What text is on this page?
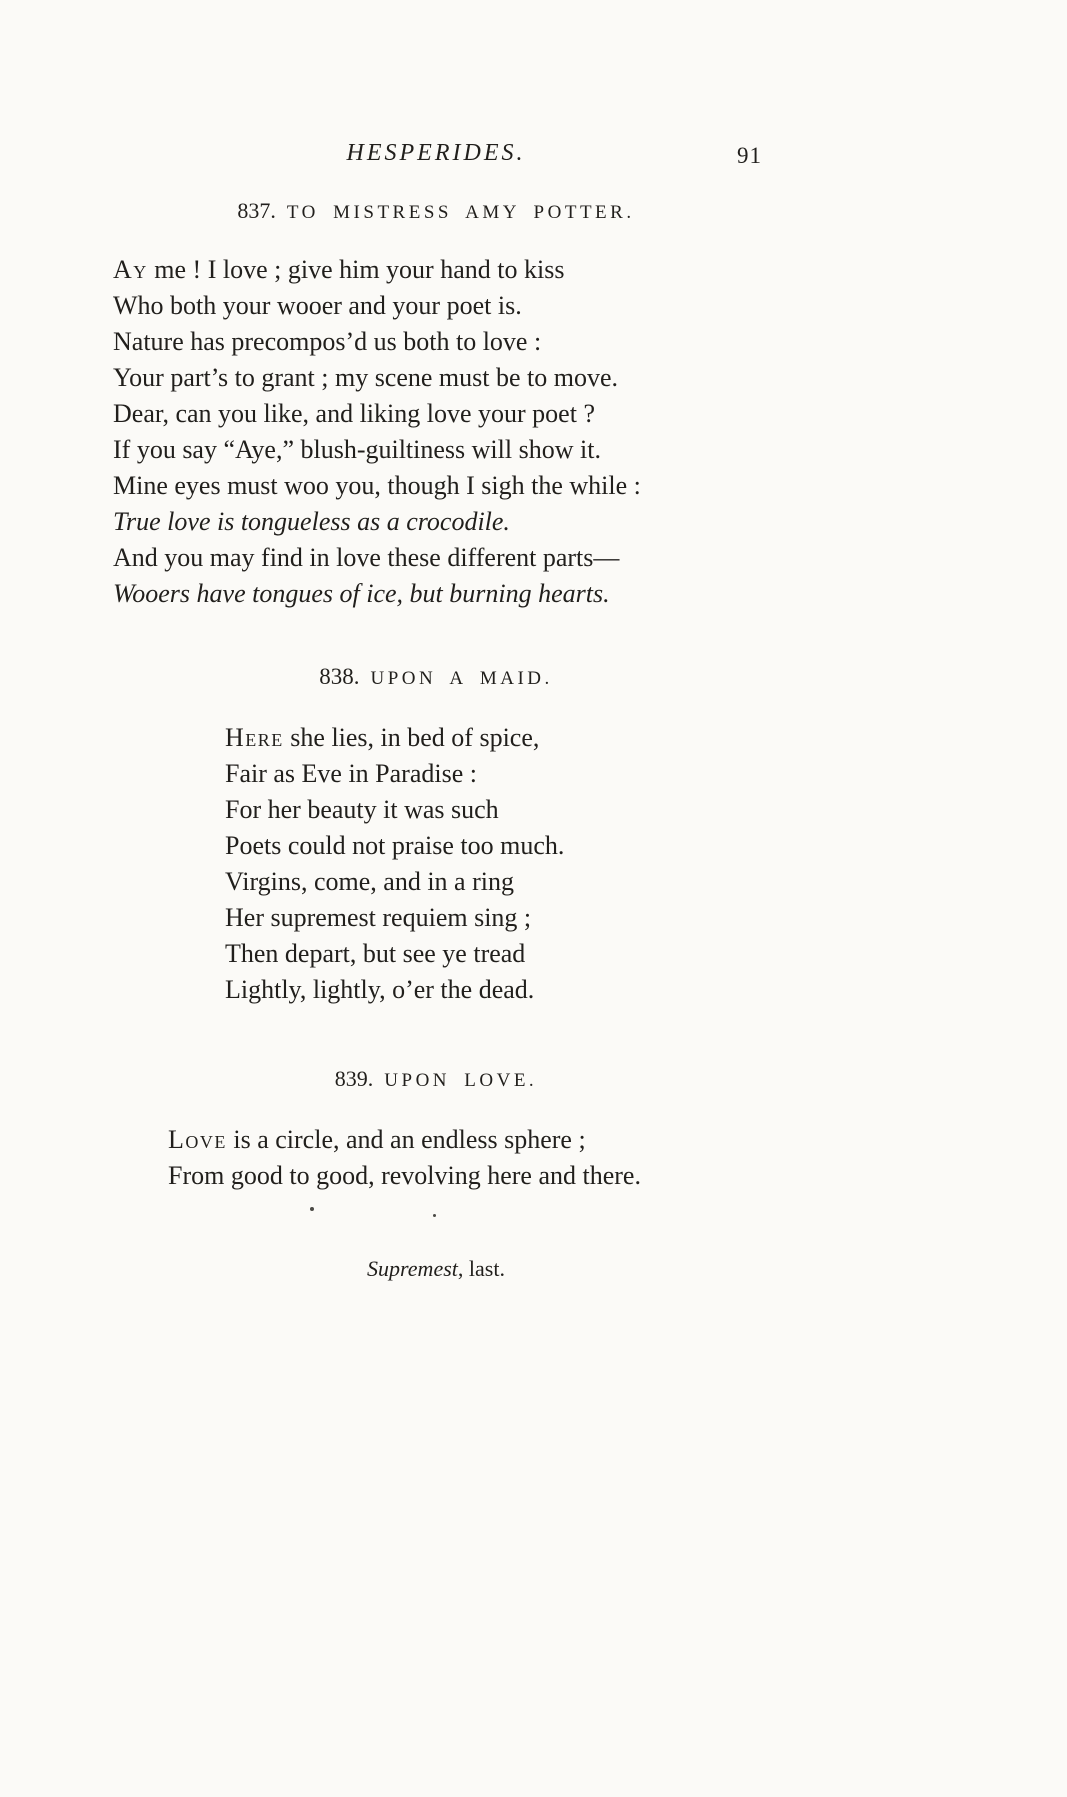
HESPERIDES.	91
837. TO MISTRESS AMY POTTER.
Ay me ! I love ; give him your hand to kiss
Who both your wooer and your poet is.
Nature has precompos’d us both to love :
Your part’s to grant ; my scene must be to move.
Dear, can you like, and liking love your poet ?
If you say “Aye,” blush-guiltiness will show it.
Mine eyes must woo you, though I sigh the while :
True love is tongueless as a crocodile.
And you may find in love these different parts—
Wooers have tongues of ice, but burning hearts.
838. UPON A MAID.
Here she lies, in bed of spice,
Fair as Eve in Paradise :
For her beauty it was such
Poets could not praise too much.
Virgins, come, and in a ring
Her supremest requiem sing ;
Then depart, but see ye tread
Lightly, lightly, o’er the dead.
839. UPON LOVE.
Love is a circle, and an endless sphere ;
From good to good, revolving here and there.
Supremest, last.
